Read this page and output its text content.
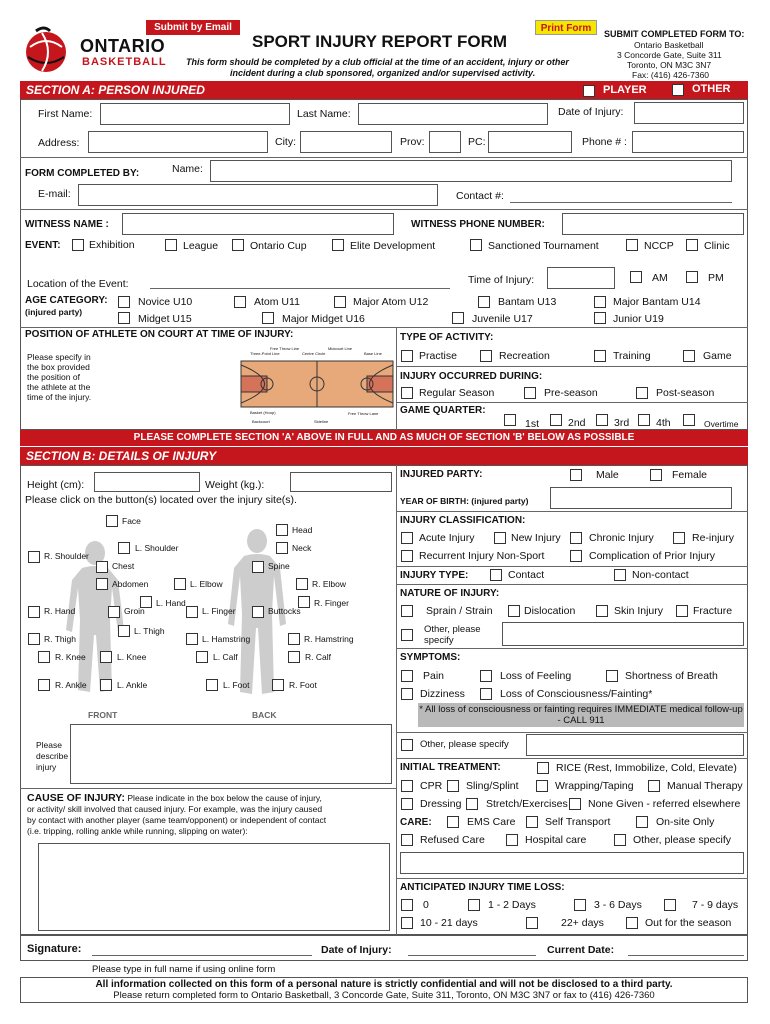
Submit by Email	Print Form
ONTARIO
BASKETBALL
SPORT INJURY REPORT FORM
This form should be completed by a club official at the time of an accident, injury or other
incident during a club sponsored, organized and/or supervised activity.
SUBMIT COMPLETED FORM TO:
Ontario Basketball
3 Concorde Gate, Suite 311
Toronto, ON M3C 3N7
Fax: (416) 426-7360
SECTION A: PERSON INJURED	PLAYER	OTHER
First Name:	Last Name:	Date of Injury:
Address:	City:	Prov:	PC:	Phone # :
FORM COMPLETED BY:	Name:
E-mail:	Contact #:
WITNESS NAME :	WITNESS PHONE NUMBER:
EVENT:	Exhibition	League	Ontario Cup	Elite Development	Sanctioned Tournament	NCCP	Clinic
Location of the Event:	Time of Injury:	AM	PM
AGE CATEGORY:
(injured party)
Novice U10	Atom U11	Major Atom U12	Bantam U13	Major Bantam U14
Midget U15	Major Midget U16	Juvenile U17	Junior U19
POSITION OF ATHLETE ON COURT AT TIME OF INJURY:
Please specify in
the box provided
the position of
the athlete at the
time of the injury.
Free Throw Line
Three-Point Line	Centre Circle
Midcourt Line
Base Line
Basket (Hoop)	Free Throw Lane
Backcourt	Sideline
TYPE OF ACTIVITY:
Practise	Recreation	Training	Game
INJURY OCCURRED DURING:
Regular Season	Pre-season	Post-season
GAME QUARTER:
1st	2nd	3rd	4th	Overtime
PLEASE COMPLETE SECTION 'A' ABOVE IN FULL AND AS MUCH OF SECTION 'B' BELOW AS POSSIBLE
SECTION B: DETAILS OF INJURY
Height (cm):	Weight (kg.):
Please click on the button(s) located over the injury site(s).
FRONT	BACK
Face
Head
L. Shoulder	Neck
R. Shoulder
Chest	Spine
Abdomen	L. Elbow	R. Elbow
L. Hand	R. Finger
R. Hand	Groin	L. Finger	Buttocks
L. Thigh
R. Thigh	L. Hamstring	R. Hamstring
R. Knee	L. Knee	L. Calf	R. Calf
R. Ankle	L. Ankle	L. Foot	R. Foot
Please
describe
injury
CAUSE OF INJURY: Please indicate in the box below the cause of injury,
or activity/ skill involved that caused injury. For example, was the injury caused
by contact with another player (same team/opponent) or independent of contact
(i.e. tripping, rolling ankle while running, slipping on water):
INJURED PARTY:	Male	Female
YEAR OF BIRTH: (injured party)
INJURY CLASSIFICATION:
Acute Injury	New Injury	Chronic Injury	Re-injury
Recurrent Injury Non-Sport	Complication of Prior Injury
INJURY TYPE:	Contact	Non-contact
NATURE OF INJURY:
Sprain / Strain	Dislocation	Skin Injury	Fracture
Other, please
specify
SYMPTOMS:
Pain	Loss of Feeling	Shortness of Breath
Dizziness	Loss of Consciousness/Fainting*
* All loss of consciousness or fainting requires IMMEDIATE medical follow-up - CALL 911
Other, please specify
INITIAL TREATMENT:	RICE (Rest, Immobilize, Cold, Elevate)
CPR Sling/Splint	Wrapping/Taping	Manual Therapy
Dressing Stretch/Exercises None Given - referred elsewhere
CARE:	EMS Care	Self Transport	On-site Only
Refused Care	Hospital care	Other, please specify
ANTICIPATED INJURY TIME LOSS:
0	1 - 2 Days	3 - 6 Days	7 - 9 days
10 - 21 days	22+ days	Out for the season
Signature:	Date of Injury:	Current Date:
Please type in full name if using online form
All information collected on this form of a personal nature is strictly confidential and will not be disclosed to a third party.
Please return completed form to Ontario Basketball, 3 Concorde Gate, Suite 311, Toronto, ON M3C 3N7 or fax to (416) 426-7360
